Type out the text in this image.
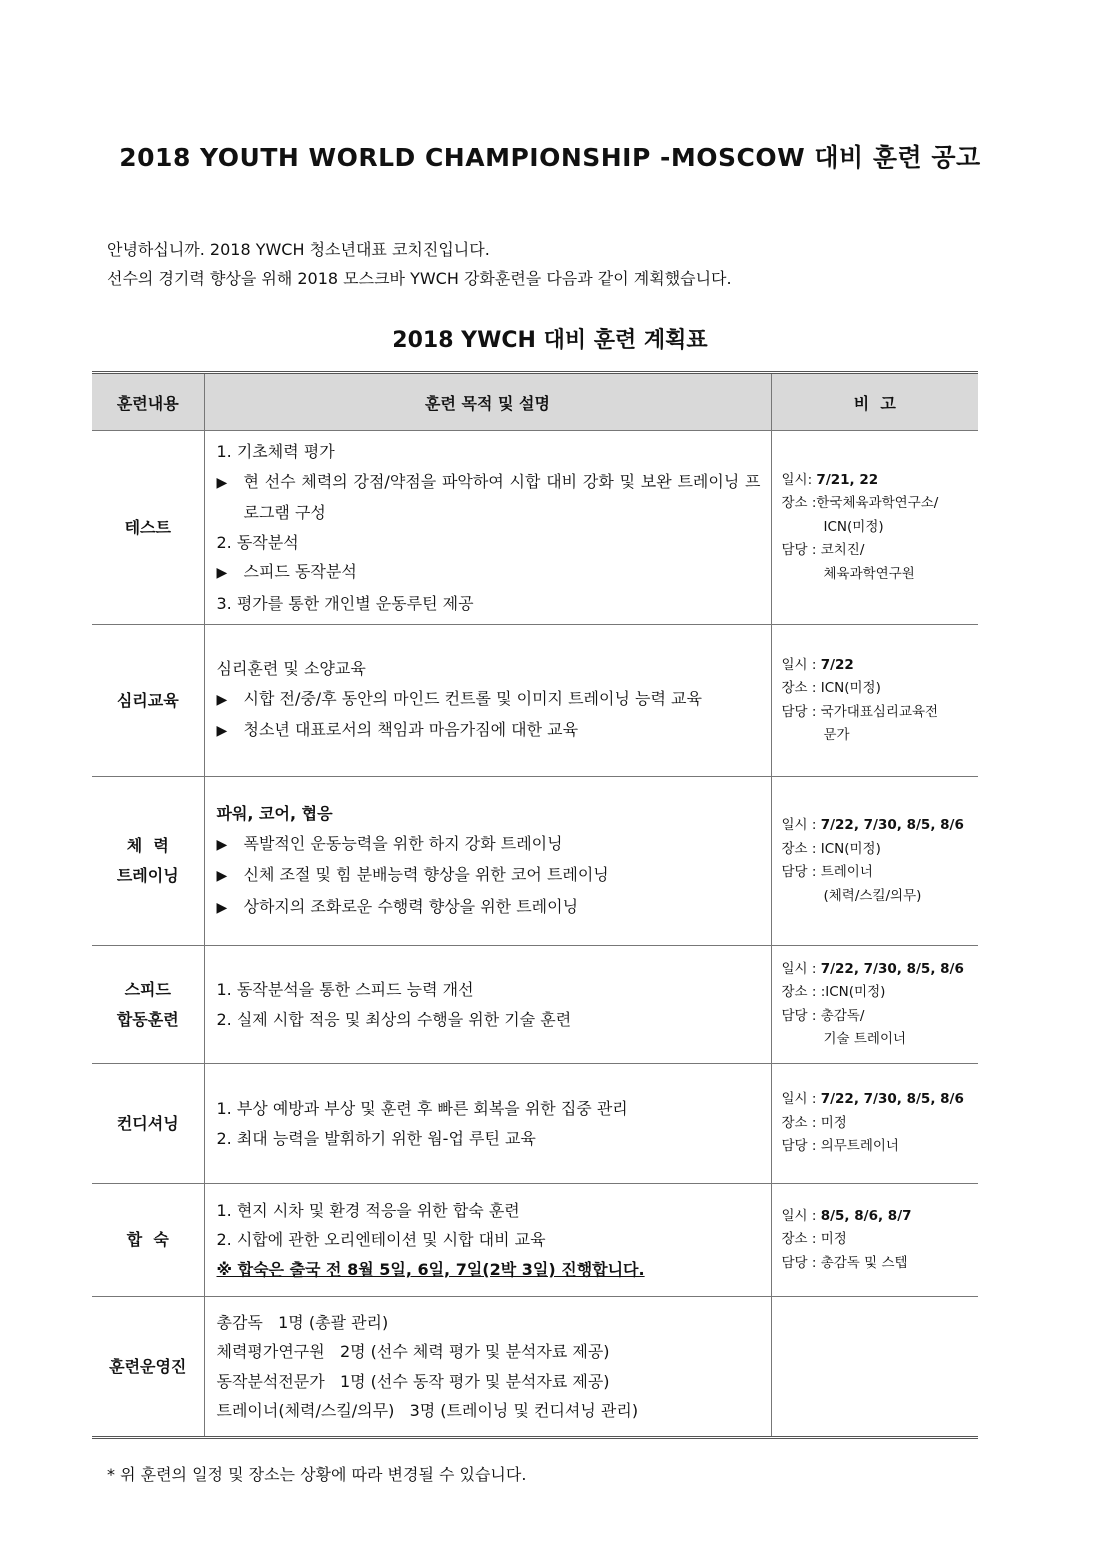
2018 YOUTH WORLD CHAMPIONSHIP -MOSCOW 대비 훈련 공고

안녕하십니까. 2018 YWCH 청소년대표 코치진입니다.

선수의 경기력 향상을 위해 2018 모스크바 YWCH 강화훈련을 다음과 같이 계획했습니다.

2018 YWCH 대비 훈련 계획표
훈련내용	훈련 목적 및 설명	비  고

테스트	1. 기초체력 평가
▶ 현 선수 체력의 강점/약점을 파악하여 시합 대비 강화 및 보완 트레이닝 프로그램 구성
2. 동작분석
▶ 스피드 동작분석
3. 평가를 통한 개인별 운동루틴 제공	일시: 7/21, 22
장소 :한국체육과학연구소/
ICN(미정)
담당 : 코치진/
체육과학연구원

심리교육	심리훈련 및 소양교육
▶ 시합 전/중/후 동안의 마인드 컨트롤 및 이미지 트레이닝 능력 교육
▶ 청소년 대표로서의 책임과 마음가짐에 대한 교육	일시 : 7/22
장소 : ICN(미정)
담당 : 국가대표심리교육전
문가

체  력
트레이닝	파워, 코어, 협응
▶ 폭발적인 운동능력을 위한 하지 강화 트레이닝
▶ 신체 조절 및 힘 분배능력 향상을 위한 코어 트레이닝
▶ 상하지의 조화로운 수행력 향상을 위한 트레이닝	일시 : 7/22, 7/30, 8/5, 8/6
장소 : ICN(미정)
담당 : 트레이너
(체력/스킬/의무)

스피드
합동훈련	1. 동작분석을 통한 스피드 능력 개선
2. 실제 시합 적응 및 최상의 수행을 위한 기술 훈련	일시 : 7/22, 7/30, 8/5, 8/6
장소 : :ICN(미정)
담당 : 총감독/
기술 트레이너

컨디셔닝	1. 부상 예방과 부상 및 훈련 후 빠른 회복을 위한 집중 관리
2. 최대 능력을 발휘하기 위한 웜-업 루틴 교육	일시 : 7/22, 7/30, 8/5, 8/6
장소 : 미정
담당 : 의무트레이너

합  숙	1. 현지 시차 및 환경 적응을 위한 합숙 훈련
2. 시합에 관한 오리엔테이션 및 시합 대비 교육
※ 합숙은 출국 전 8월 5일, 6일, 7일(2박 3일) 진행합니다.	일시 : 8/5, 8/6, 8/7
장소 : 미정
담당 : 총감독 및 스텝

훈련운영진	총감독   1명 (총괄 관리)
체력평가연구원   2명 (선수 체력 평가 및 분석자료 제공)
동작분석전문가   1명 (선수 동작 평가 및 분석자료 제공)
트레이너(체력/스킬/의무)   3명 (트레이닝 및 컨디셔닝 관리)	

* 위 훈련의 일정 및 장소는 상황에 따라 변경될 수 있습니다.
